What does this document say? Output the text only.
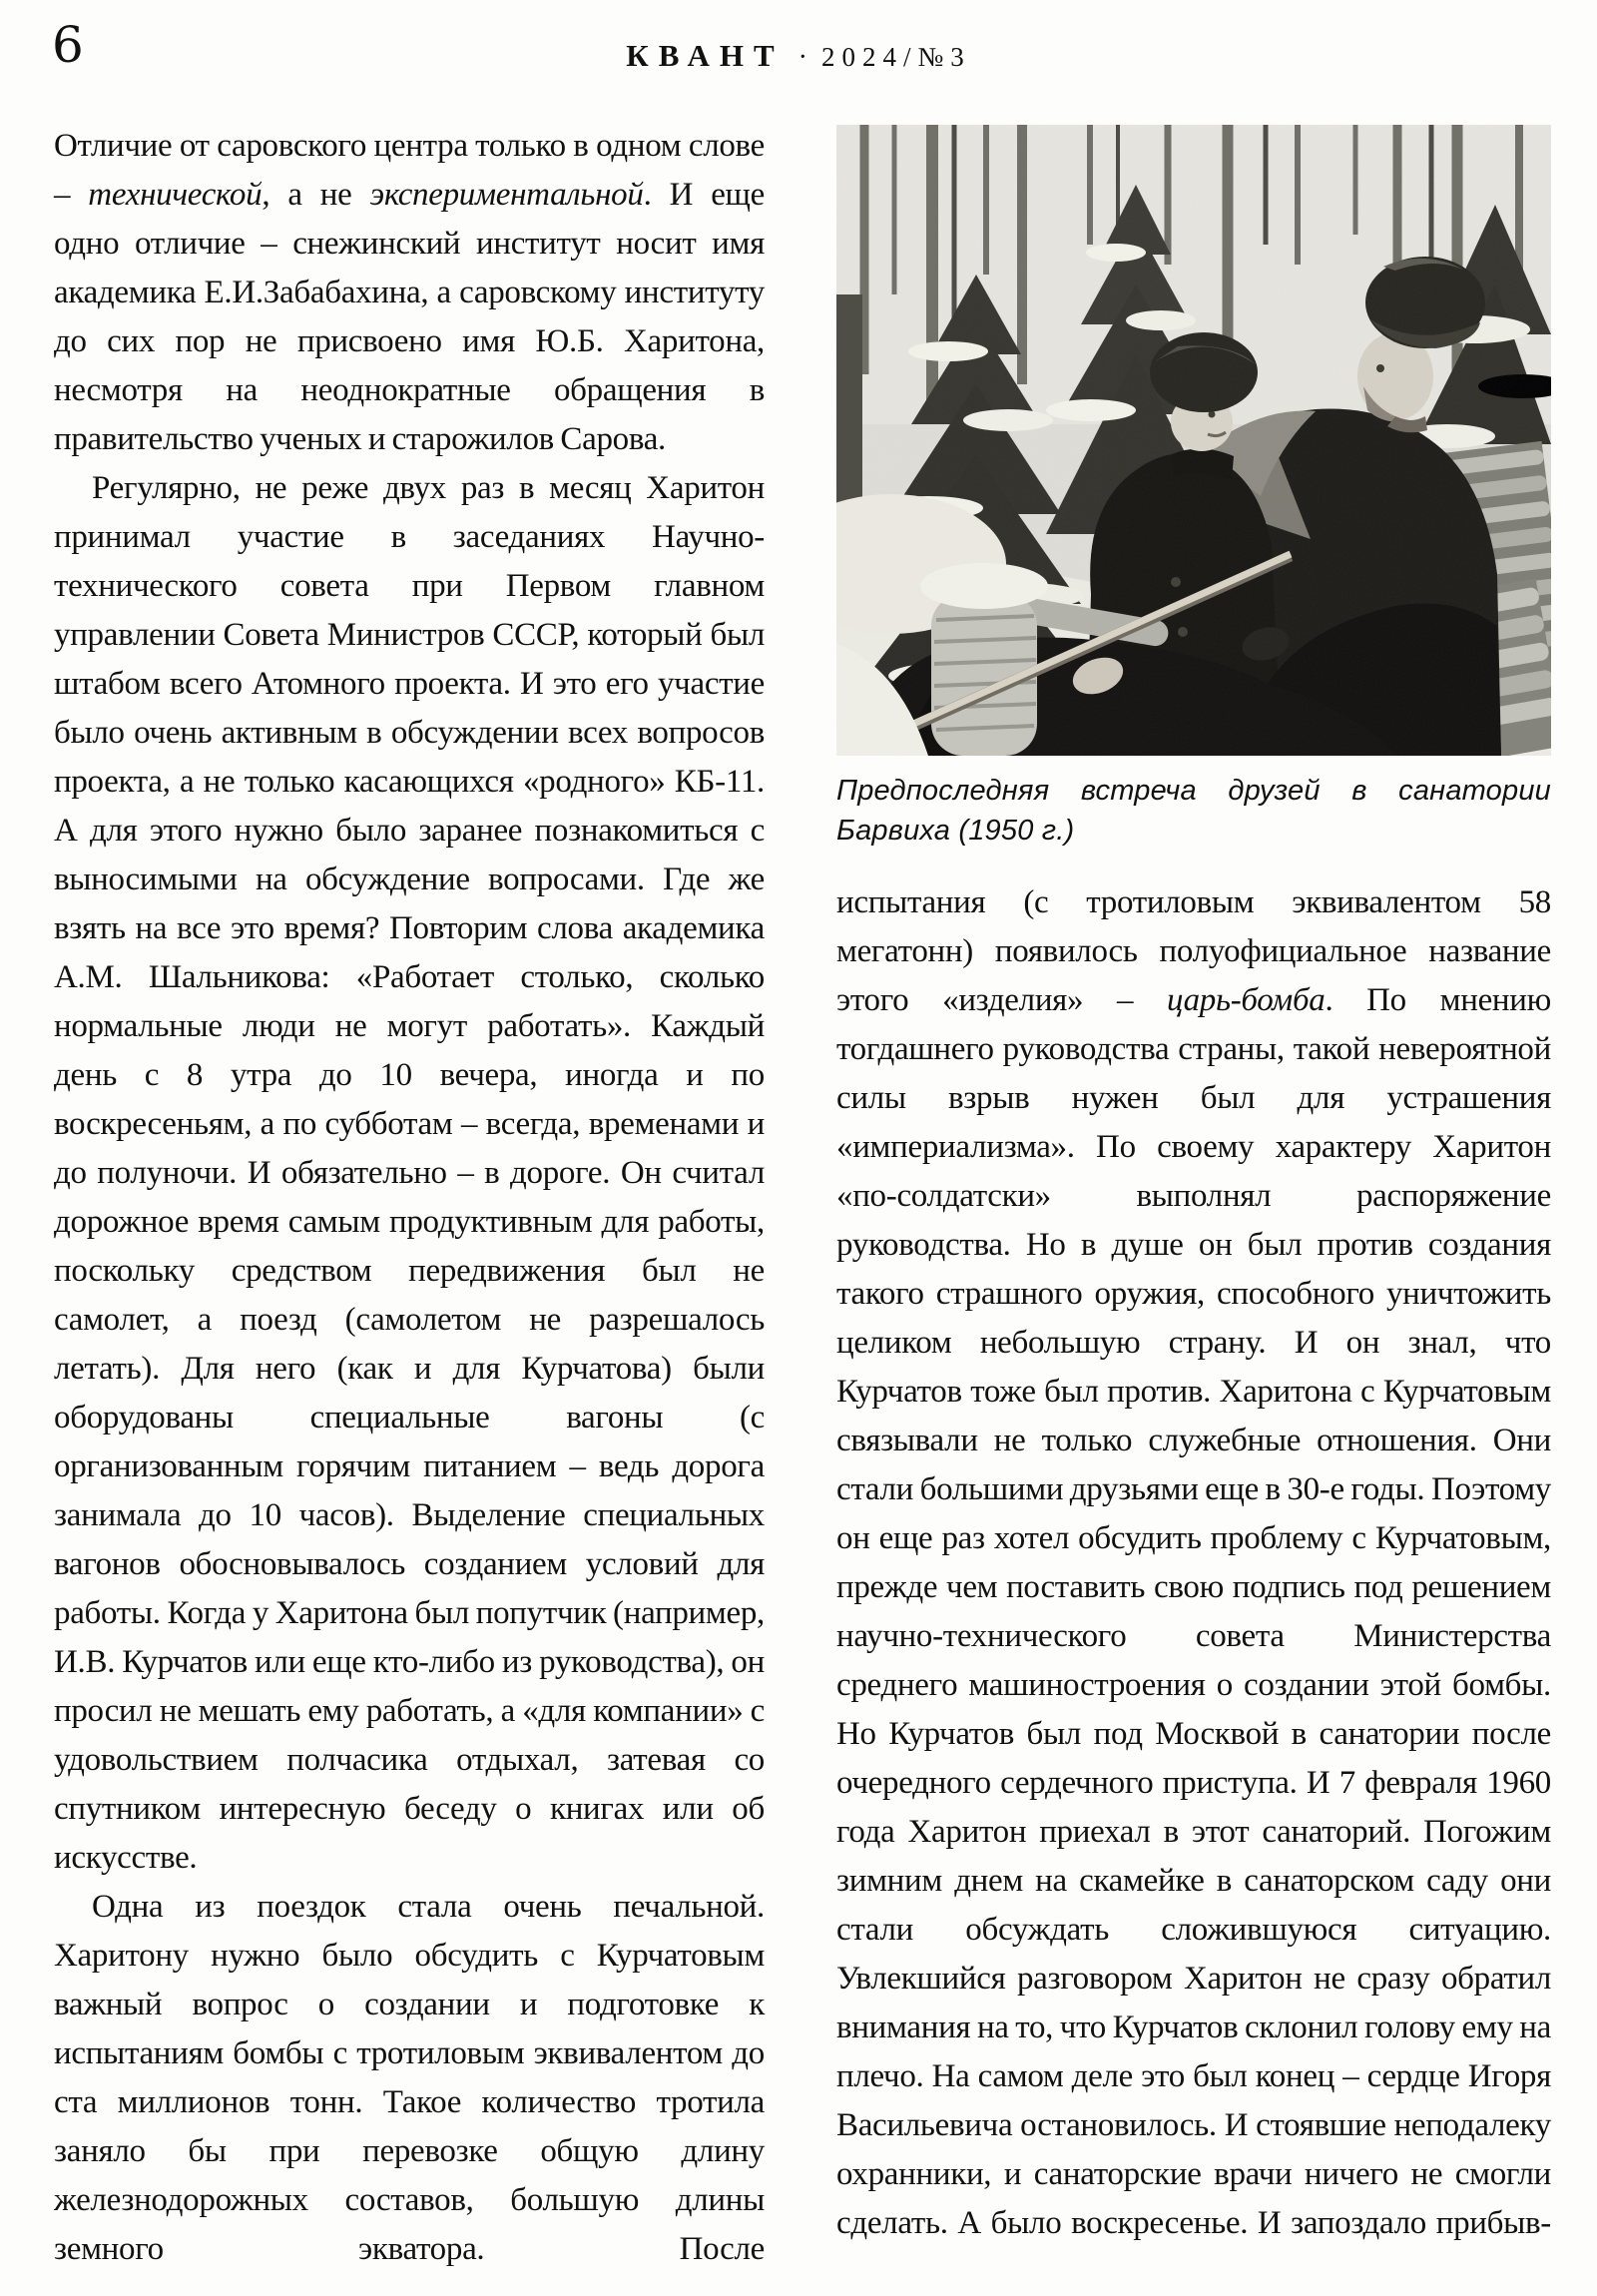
6	КВАНТ · 2024/№3

Отличие от саровского центра только в одном слове – технической, а не экспериментальной. И еще одно отличие – снежинский институт носит имя академика Е.И.Забабахина, а саровскому институту до сих пор не присвоено имя Ю.Б. Харитона, несмотря на неоднократные обращения в правительство ученых и старожилов Сарова.

Регулярно, не реже двух раз в месяц Харитон принимал участие в заседаниях Научно-технического совета при Первом главном управлении Совета Министров СССР, который был штабом всего Атомного проекта. И это его участие было очень активным в обсуждении всех вопросов проекта, а не только касающихся «родного» КБ-11. А для этого нужно было заранее познакомиться с выносимыми на обсуждение вопросами. Где же взять на все это время? Повторим слова академика А.М. Шальникова: «Работает столько, сколько нормальные люди не могут работать». Каждый день с 8 утра до 10 вечера, иногда и по воскресеньям, а по субботам – всегда, временами и до полуночи. И обязательно – в дороге. Он считал дорожное время самым продуктивным для работы, поскольку средством передвижения был не самолет, а поезд (самолетом не разрешалось летать). Для него (как и для Курчатова) были оборудованы специальные вагоны (с организованным горячим питанием – ведь дорога занимала до 10 часов). Выделение специальных вагонов обосновывалось созданием условий для работы. Когда у Харитона был попутчик (например, И.В. Курчатов или еще кто-либо из руководства), он просил не мешать ему работать, а «для компании» с удовольствием полчасика отдыхал, затевая со спутником интересную беседу о книгах или об искусстве.

Одна из поездок стала очень печальной. Харитону нужно было обсудить с Курчатовым важный вопрос о создании и подготовке к испытаниям бомбы с тротиловым эквивалентом до ста миллионов тонн. Такое количество тротила заняло бы при перевозке общую длину железнодорожных составов, большую длины земного экватора. После

Предпоследняя встреча друзей в санатории
Барвиха (1950 г.)

испытания (с тротиловым эквивалентом 58 мегатонн) появилось полуофициальное название этого «изделия» – царь-бомба. По мнению тогдашнего руководства страны, такой невероятной силы взрыв нужен был для устрашения «империализма». По своему характеру Харитон «по-солдатски» выполнял распоряжение руководства. Но в душе он был против создания такого страшного оружия, способного уничтожить целиком небольшую страну. И он знал, что Курчатов тоже был против. Харитона с Курчатовым связывали не только служебные отношения. Они стали большими друзьями еще в 30-е годы. Поэтому он еще раз хотел обсудить проблему с Курчатовым, прежде чем поставить свою подпись под решением научно-технического совета Министерства среднего машиностроения о создании этой бомбы. Но Курчатов был под Москвой в санатории после очередного сердечного приступа. И 7 февраля 1960 года Харитон приехал в этот санаторий. Погожим зимним днем на скамейке в санаторском саду они стали обсуждать сложившуюся ситуацию. Увлекшийся разговором Харитон не сразу обратил внимания на то, что Курчатов склонил голову ему на плечо. На самом деле это был конец – сердце Игоря Васильевича остановилось. И стоявшие неподалеку охранники, и санаторские врачи ничего не смогли сделать. А было воскресенье. И запоздало прибыв-
